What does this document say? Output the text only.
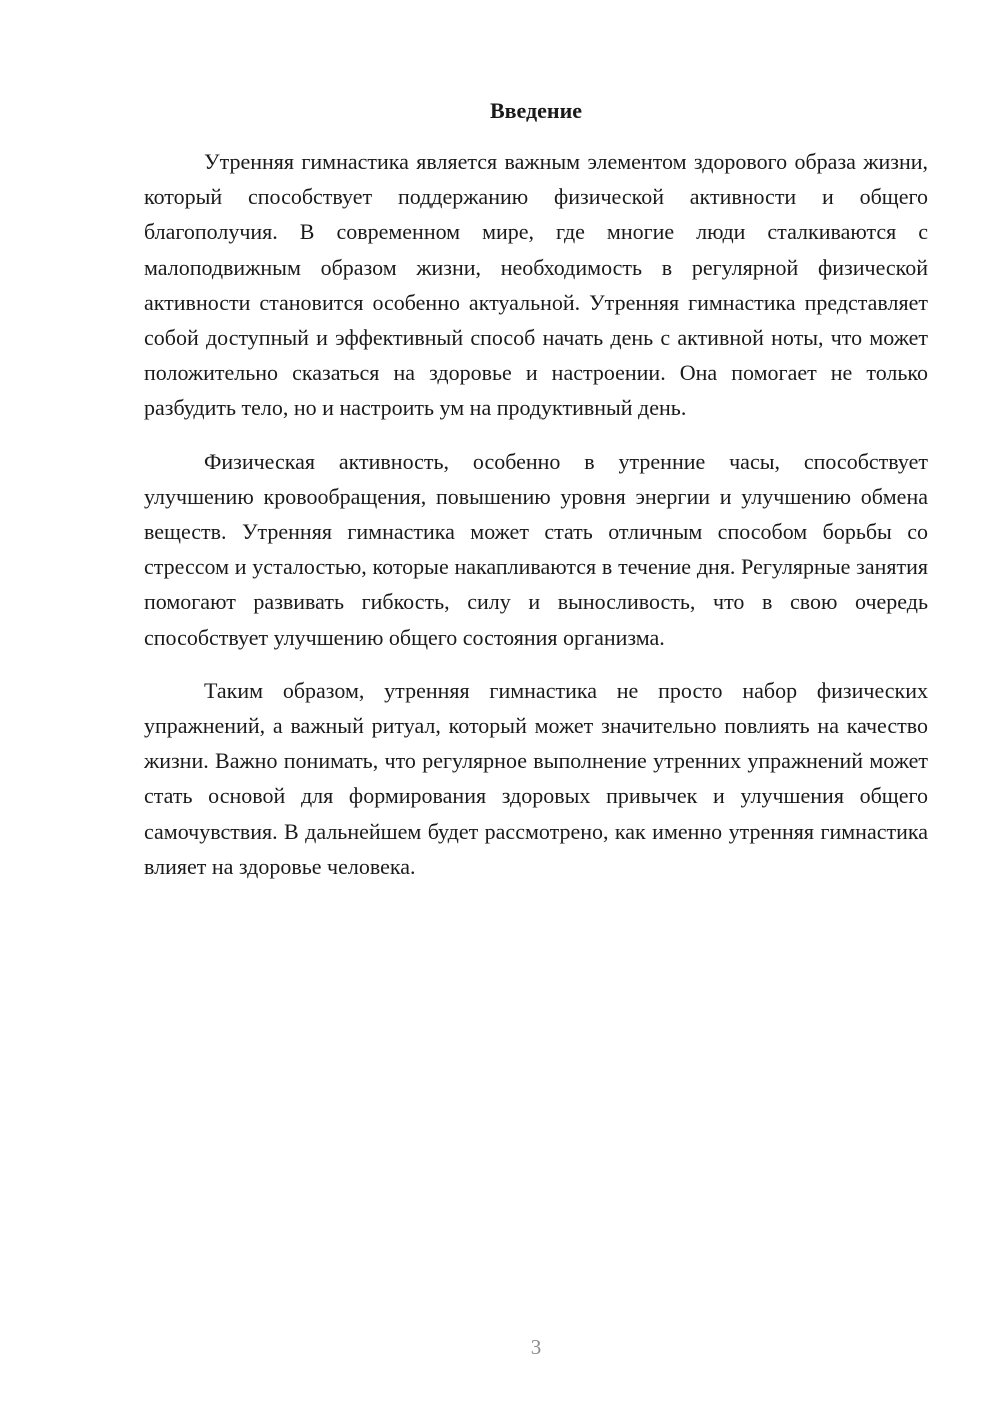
Введение

Утренняя гимнастика является важным элементом здорового образа жизни, который способствует поддержанию физической активности и общего благополучия. В современном мире, где многие люди сталкиваются с малоподвижным образом жизни, необходимость в регулярной физической активности становится особенно актуальной. Утренняя гимнастика представляет собой доступный и эффективный способ начать день с активной ноты, что может положительно сказаться на здоровье и настроении. Она помогает не только разбудить тело, но и настроить ум на продуктивный день.

Физическая активность, особенно в утренние часы, способствует улучшению кровообращения, повышению уровня энергии и улучшению обмена веществ. Утренняя гимнастика может стать отличным способом борьбы со стрессом и усталостью, которые накапливаются в течение дня. Регулярные занятия помогают развивать гибкость, силу и выносливость, что в свою очередь способствует улучшению общего состояния организма.

Таким образом, утренняя гимнастика не просто набор физических упражнений, а важный ритуал, который может значительно повлиять на качество жизни. Важно понимать, что регулярное выполнение утренних упражнений может стать основой для формирования здоровых привычек и улучшения общего самочувствия. В дальнейшем будет рассмотрено, как именно утренняя гимнастика влияет на здоровье человека.

3
